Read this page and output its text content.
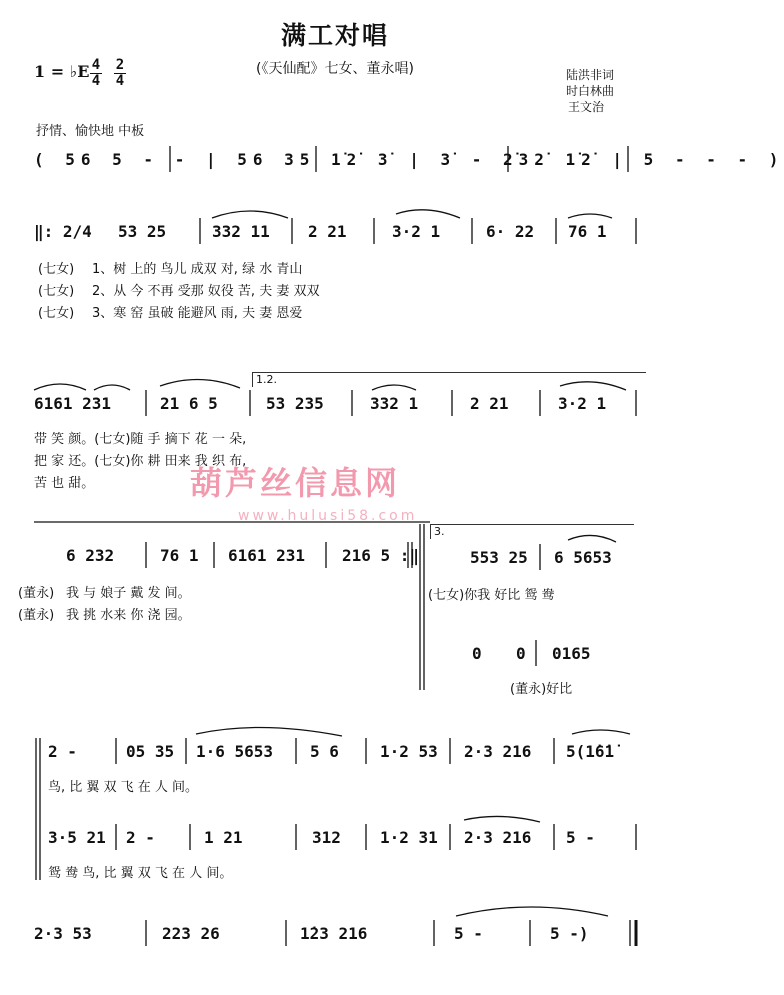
满工对唱
(《天仙配》七女、董永唱)
1 = ♭E 4
4
2
4	陆洪非词
时白林曲
王文治
抒情、愉快地 中板
( 56 5 - - | 56 35 1̇2̇ 3̇ | 3̇ - 2̇32̇ 1̇2̇ | 5 - - - )
‖: 2/4 53 25	332 11 2 21	3·2 1	6· 22 76 1
(七女) 1、树 上的 鸟儿 成双 对, 绿 水 青山
(七女) 2、从 今 不再 受那 奴役 苦, 夫 妻 双双
(七女) 3、寒 窑 虽破 能避风 雨, 夫 妻 恩爱
1.2.
6161 231	21 6 5	53 235	332 1	2 21	3·2 1
带 笑 颜。(七女)随 手 摘下 花 一 朵,
把 家 还。(七女)你 耕 田来 我 织 布,
苦 也 甜。	葫芦丝信息网
www.hulusi58.com
6 232	76 1 6161 231 216 5 :‖
(董永) 我 与 娘子 戴 发 间。
(董永) 我 挑 水来 你 浇 园。
3.
553 25 6 5653
(七女)你我 好比 鸳 鸯
0 0 0165
(董永)好比
2 -	05 35 1·6 5653 5 6	1·2 53 2·3 216 5(1̇6̇1̇
鸟, 比 翼 双 飞 在 人 间。
3·5 21 2 -	1 21	312 1·2 31 2·3 216 5 -
鸳 鸯 鸟, 比 翼 双 飞 在 人 间。
2·3 53	223 26	1̇23 216	5 -	5 -)
